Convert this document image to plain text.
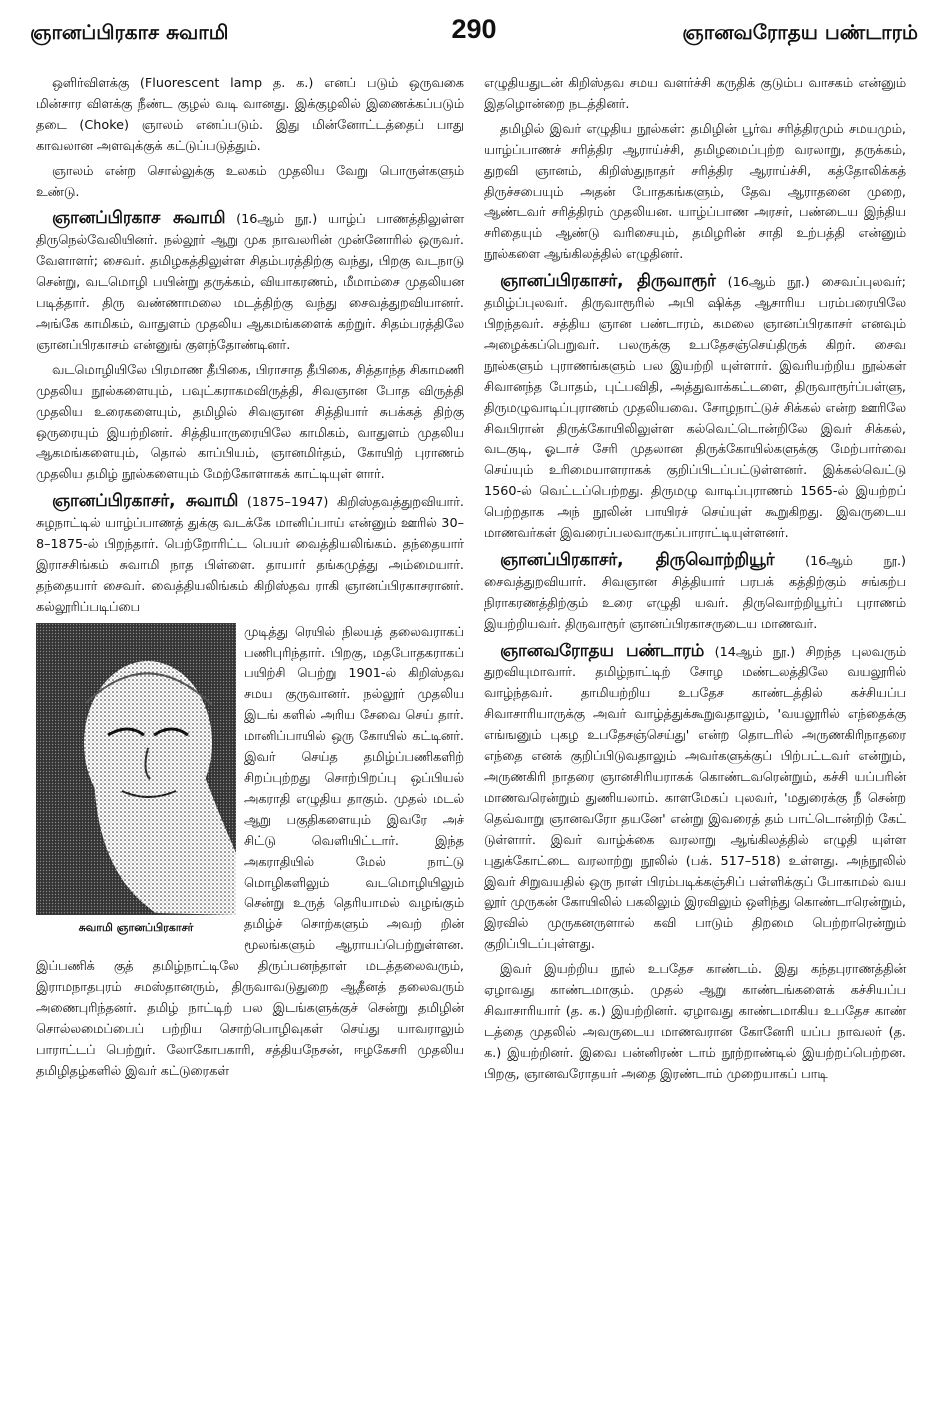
ஞானப்பிரகாச சுவாமி	290	ஞானவரோதய பண்டாரம்

ஒளிர்விளக்கு (Fluorescent lamp த. க.) எனப் படும் ஒருவகை மின்சார விளக்கு நீண்ட குழல் வடி வானது. இக்குழலில் இணைக்கப்படும் தடை (Choke) ஞாலம் எனப்படும். இது மின்னோட்டத்தைப் பாது காவலான அளவுக்குக் கட்டுப்படுத்தும்.

ஞாலம் என்ற சொல்லுக்கு உலகம் முதலிய வேறு பொருள்களும் உண்டு.

ஞானப்பிரகாச சுவாமி (16ஆம் நூ.) யாழ்ப் பாணத்திலுள்ள திருநெல்வேலியினர். நல்லூர் ஆறு முக நாவலரின் முன்னோரில் ஒருவர். வேளாளர்; சைவர். தமிழகத்திலுள்ள சிதம்பரத்திற்கு வந்து, பிறகு வடநாடு சென்று, வடமொழி பயின்று தருக்கம், வியாகரணம், மீமாம்சை முதலியன படித்தார். திரு வண்ணாமலை மடத்திற்கு வந்து சைவத்துறவியானர். அங்கே காமிகம், வாதுளம் முதலிய ஆகமங்களைக் கற்றுர். சிதம்பரத்திலே ஞானப்பிரகாசம் என்னுங் குளந்தோண்டினர்.

வடமொழியிலே பிரமாண தீபிகை, பிராசாத தீபிகை, சித்தாந்த சிகாமணி முதலிய நூல்களையும், பவுட்கராகமவிருத்தி, சிவஞான போத விருத்தி முதலிய உரைகளையும், தமிழில் சிவஞான சித்தியார் சுபக்கத் திற்கு ஒருரையும் இயற்றினர். சித்தியாருரையிலே காமிகம், வாதுளம் முதலிய ஆகமங்களையும், தொல் காப்பியம், ஞானமிர்தம், கோயிற் புராணம் முதலிய தமிழ் நூல்களையும் மேற்கோளாகக் காட்டியுள் ளார்.

ஞானப்பிரகாசர், சுவாமி (1875–1947) கிறிஸ்தவத்துறவியார். சுழநாட்டில் யாழ்ப்பாணத் துக்கு வடக்கே மானிப்பாய் என்னும் ஊரில் 30–8–1875-ல் பிறந்தார். பெற்றோரிட்ட பெயர் வைத்தியலிங்கம். தந்தையார் இராசசிங்கம் சுவாமி நாத பிள்ளை. தாயார் தங்கமுத்து அம்மையார். தந்தையார் சைவர். வைத்தியலிங்கம் கிறிஸ்தவ ராகி ஞானப்பிரகாசரானர். கல்லூரிப்படிப்பை

சுவாமி ஞானப்பிரகாசர்

முடித்து ரெயில் நிலயத் தலைவராகப் பணிபுரிந்தார். பிறகு, மதபோதகராகப் பயிற்சி பெற்று 1901-ல் கிறிஸ்தவ சமய குருவானர். நல்லூர் முதலிய இடங் களில் அரிய சேவை செய் தார். மானிப்பாயில் ஒரு கோயில் கட்டினர். இவர் செய்த தமிழ்ப்பணிகளிற் சிறப்புற்றது சொற்பிறப்பு ஒப்பியல் அகராதி எழுதிய தாகும். முதல் மடல் ஆறு பகுதிகளையும் இவரே அச் சிட்டு வெளியிட்டார். இந்த அகராதியில் மேல் நாட்டு மொழிகளிலும் வடமொழியிலும் சென்று உருத் தெரியாமல் வழங்கும் தமிழ்ச் சொற்களும் அவற் றின் மூலங்களும் ஆராயப்பெற்றுள்ளன. இப்பணிக் குத் தமிழ்நாட்டிலே திருப்பனந்தாள் மடத்தலைவரும், இராமநாதபுரம் சமஸ்தானரும், திருவாவடுதுறை ஆதீனத் தலைவரும் அணைபுரிந்தனர். தமிழ் நாட்டிற் பல இடங்களுக்குச் சென்று தமிழின் சொல்லமைப்பைப் பற்றிய சொற்பொழிவுகள் செய்து யாவராலும் பாராட்டப் பெற்றுர். லோகோபகாரி, சத்தியநேசன், ஈழகேசரி முதலிய தமிழிதழ்களில் இவர் கட்டுரைகள்

எழுதியதுடன் கிறிஸ்தவ சமய வளர்ச்சி கருதிக் குடும்ப வாசகம் என்னும் இதழொன்றை நடத்தினர்.

தமிழில் இவர் எழுதிய நூல்கள்: தமிழின் பூர்வ சரித்திரமும் சமயமும், யாழ்ப்பாணச் சரித்திர ஆராய்ச்சி, தமிழமைப்புற்ற வரலாறு, தருக்கம், துறவி ஞானம், கிறிஸ்துநாதர் சரித்திர ஆராய்ச்சி, கத்தோலிக்கத் திருச்சபையும் அதன் போதகங்களும், தேவ ஆராதனை முறை, ஆண்டவர் சரித்திரம் முதலியன. யாழ்ப்பாண அரசர், பண்டைய இந்திய சரிதையும் ஆண்டு வரிசையும், தமிழரின் சாதி உற்பத்தி என்னும் நூல்களை ஆங்கிலத்தில் எழுதினர்.

ஞானப்பிரகாசர், திருவாரூர் (16ஆம் நூ.) சைவப்புலவர்; தமிழ்ப்புலவர். திருவாரூரில் அபி ஷிக்த ஆசாரிய பரம்பரையிலே பிறந்தவர். சத்திய ஞான பண்டாரம், கமலை ஞானப்பிரகாசர் எனவும் அழைக்கப்பெறுவர். பலருக்கு உபதேசஞ்செய்திருக் கிறர். சைவ நூல்களும் புராணங்களும் பல இயற்றி யுள்ளார். இவரியற்றிய நூல்கள் சிவானந்த போதம், புட்பவிதி, அத்துவாக்கட்டளை, திருவாரூர்ப்பள்ளு, திருமழுவாடிப்புராணம் முதலியவை. சோழநாட்டுச் சிக்கல் என்ற ஊரிலே சிவபிரான் திருக்கோயிலிலுள்ள கல்வெட்டொன்றிலே இவர் சிக்கல், வடகுடி, ஓடாச் சேரி முதலான திருக்கோயில்களுக்கு மேற்பார்வை செய்யும் உரிமையாளராகக் குறிப்பிடப்பட்டுள்ளனர். இக்கல்வெட்டு 1560-ல் வெட்டப்பெற்றது. திருமழு வாடிப்புராணம் 1565-ல் இயற்றப் பெற்றதாக அந் நூலின் பாயிரச் செய்யுள் கூறுகிறது. இவருடைய மாணவர்கள் இவரைப்பலவாருகப்பாராட்டியுள்ளனர்.

ஞானப்பிரகாசர், திருவொற்றியூர் (16ஆம் நூ.) சைவத்துறவியார். சிவஞான சித்தியார் பரபக் கத்திற்கும் சங்கற்ப நிராகரணத்திற்கும் உரை எழுதி யவர். திருவொற்றியூர்ப் புராணம் இயற்றியவர். திருவாரூர் ஞானப்பிரகாசருடைய மாணவர்.

ஞானவரோதய பண்டாரம் (14ஆம் நூ.) சிறந்த புலவரும் துறவியுமாவார். தமிழ்நாட்டிற் சோழ மண்டலத்திலே வயலூரில் வாழ்ந்தவர். தாமியற்றிய உபதேச காண்டத்தில் கச்சியப்ப சிவாசாரியாருக்கு அவர் வாழ்த்துக்கூறுவதாலும், 'வயலூரில் எந்தைக்கு எங்ஙனும் புகழ உபதேசஞ்செய்து' என்ற தொடரில் அருணகிரிநாதரை எந்தை எனக் குறிப்பிடுவதாலும் அவர்களுக்குப் பிற்பட்டவர் என்றும், அருணகிரி நாதரை ஞானசிரியராகக் கொண்டவரென்றும், கச்சி யப்பரின் மாணவரென்றும் துணியலாம். காளமேகப் புலவர், 'மதுரைக்கு நீ சென்ற தெவ்வாறு ஞானவரோ தயனே' என்று இவரைத் தம் பாட்டொன்றிற் கேட் டுள்ளார். இவர் வாழ்க்கை வரலாறு ஆங்கிலத்தில் எழுதி யுள்ள புதுக்கோட்டை வரலாற்று நூலில் (பக். 517–518) உள்ளது. அந்நூலில் இவர் சிறுவயதில் ஒரு நாள் பிரம்படிக்கஞ்சிப் பள்ளிக்குப் போகாமல் வய லூர் முருகன் கோயிலில் பகலிலும் இரவிலும் ஒளிந்து கொண்டாரென்றும், இரவில் முருகனருளால் கவி பாடும் திறமை பெற்றாரென்றும் குறிப்பிடப்புள்ளது.

இவர் இயற்றிய நூல் உபதேச காண்டம். இது கந்தபுராணத்தின் ஏழாவது காண்டமாகும். முதல் ஆறு காண்டங்களைக் கச்சியப்ப சிவாசாரியார் (த. க.) இயற்றினர். ஏழாவது காண்டமாகிய உபதேச காண் டத்தை முதலில் அவருடைய மாணவரான கோனேரி யப்ப நாவலர் (த. க.) இயற்றினர். இவை பன்னிரண் டாம் நூற்றாண்டில் இயற்றப்பெற்றன. பிறகு, ஞானவரோதயர் அதை இரண்டாம் முறையாகப் பாடி
